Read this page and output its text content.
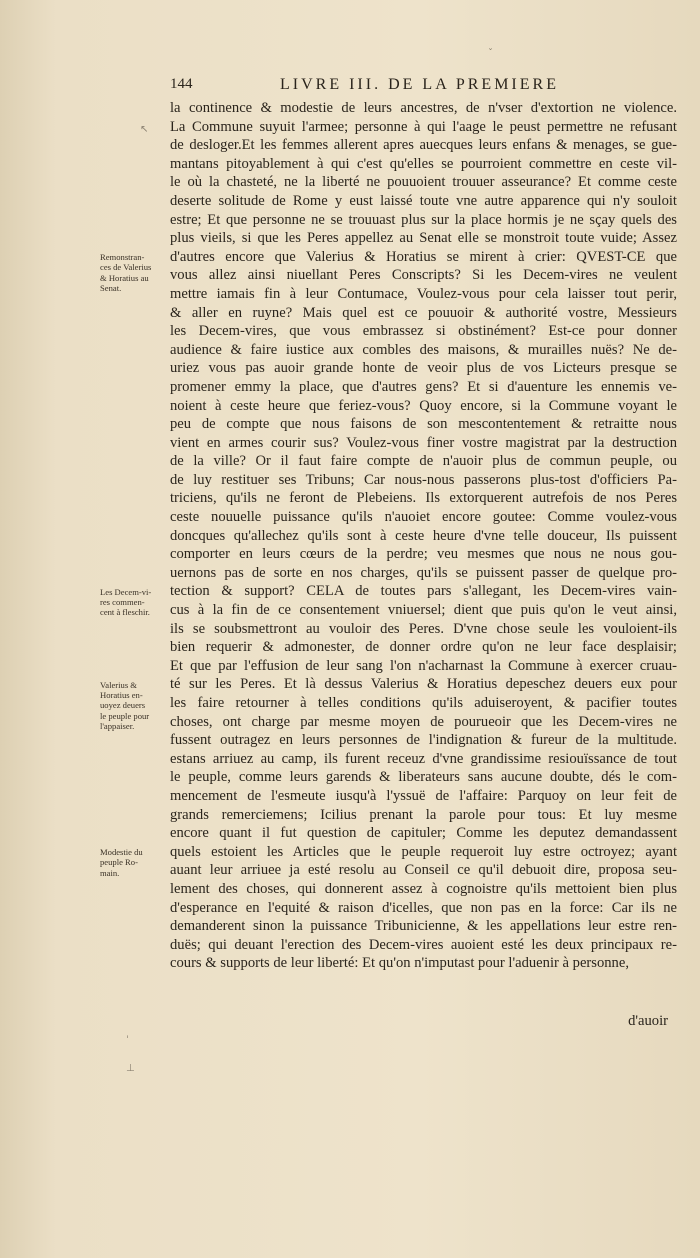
ˇ
↖
ˈ
⊥
144	LIVRE III. DE LA PREMIERE
la continence & modestie de leurs ancestres, de n'vser d'extortion ne violence.
La Commune suyuit l'armee; personne à qui l'aage le peust permettre ne refusant
de desloger.Et les femmes allerent apres auecques leurs enfans & menages, se gue-
mantans pitoyablement à qui c'est qu'elles se pourroient commettre en ceste vil-
le où la chasteté, ne la liberté ne pouuoient trouuer asseurance? Et comme ceste
deserte solitude de Rome y eust laissé toute vne autre apparence qui n'y souloit
estre; Et que personne ne se trouuast plus sur la place hormis je ne sçay quels des
plus vieils, si que les Peres appellez au Senat elle se monstroit toute vuide; Assez
d'autres encore que Valerius & Horatius se mirent à crier: QVEST-CE que
vous allez ainsi niuellant Peres Conscripts? Si les Decem-vires ne veulent
mettre iamais fin à leur Contumace, Voulez-vous pour cela laisser tout perir,
& aller en ruyne? Mais quel est ce pouuoir & authorité vostre, Messieurs
les Decem-vires, que vous embrassez si obstinément? Est-ce pour donner
audience & faire iustice aux combles des maisons, & murailles nuës? Ne de-
uriez vous pas auoir grande honte de veoir plus de vos Licteurs presque se
promener emmy la place, que d'autres gens? Et si d'auenture les ennemis ve-
noient à ceste heure que feriez-vous? Quoy encore, si la Commune voyant le
peu de compte que nous faisons de son mescontentement & retraitte nous
vient en armes courir sus? Voulez-vous finer vostre magistrat par la destruction
de la ville? Or il faut faire compte de n'auoir plus de commun peuple, ou
de luy restituer ses Tribuns; Car nous-nous passerons plus-tost d'officiers Pa-
triciens, qu'ils ne feront de Plebeiens. Ils extorquerent autrefois de nos Peres
ceste nouuelle puissance qu'ils n'auoiet encore goutee: Comme voulez-vous
doncques qu'allechez qu'ils sont à ceste heure d'vne telle douceur, Ils puissent
comporter en leurs cœurs de la perdre; veu mesmes que nous ne nous gou-
uernons pas de sorte en nos charges, qu'ils se puissent passer de quelque pro-
tection & support? CELA de toutes pars s'allegant, les Decem-vires vain-
cus à la fin de ce consentement vniuersel; dient que puis qu'on le veut ainsi,
ils se soubsmettront au vouloir des Peres. D'vne chose seule les vouloient-ils
bien requerir & admonester, de donner ordre qu'on ne leur face desplaisir;
Et que par l'effusion de leur sang l'on n'acharnast la Commune à exercer cruau-
té sur les Peres. Et là dessus Valerius & Horatius depeschez deuers eux pour
les faire retourner à telles conditions qu'ils aduiseroyent, & pacifier toutes
choses, ont charge par mesme moyen de pourueoir que les Decem-vires ne
fussent outragez en leurs personnes de l'indignation & fureur de la multitude.
estans arriuez au camp, ils furent receuz d'vne grandissime resiouïssance de tout
le peuple, comme leurs garends & liberateurs sans aucune doubte, dés le com-
mencement de l'esmeute iusqu'à l'yssuë de l'affaire: Parquoy on leur feit de
grands remerciemens; Icilius prenant la parole pour tous: Et luy mesme
encore quant il fut question de capituler; Comme les deputez demandassent
quels estoient les Articles que le peuple requeroit luy estre octroyez; ayant
auant leur arriuee ja esté resolu au Conseil ce qu'il debuoit dire, proposa seu-
lement des choses, qui donnerent assez à cognoistre qu'ils mettoient bien plus
d'esperance en l'equité & raison d'icelles, que non pas en la force: Car ils ne
demanderent sinon la puissance Tribunicienne, & les appellations leur estre ren-
duës; qui deuant l'erection des Decem-vires auoient esté les deux principaux re-
cours & supports de leur liberté: Et qu'on n'imputast pour l'aduenir à personne,
Remonstran-
ces de Valerius
& Horatius au
Senat.
Les Decem-vi-
res commen-
cent à fleschir.
Valerius &
Horatius en-
uoyez deuers
le peuple pour
l'appaiser.
Modestie du
peuple Ro-
main.
d'auoir
